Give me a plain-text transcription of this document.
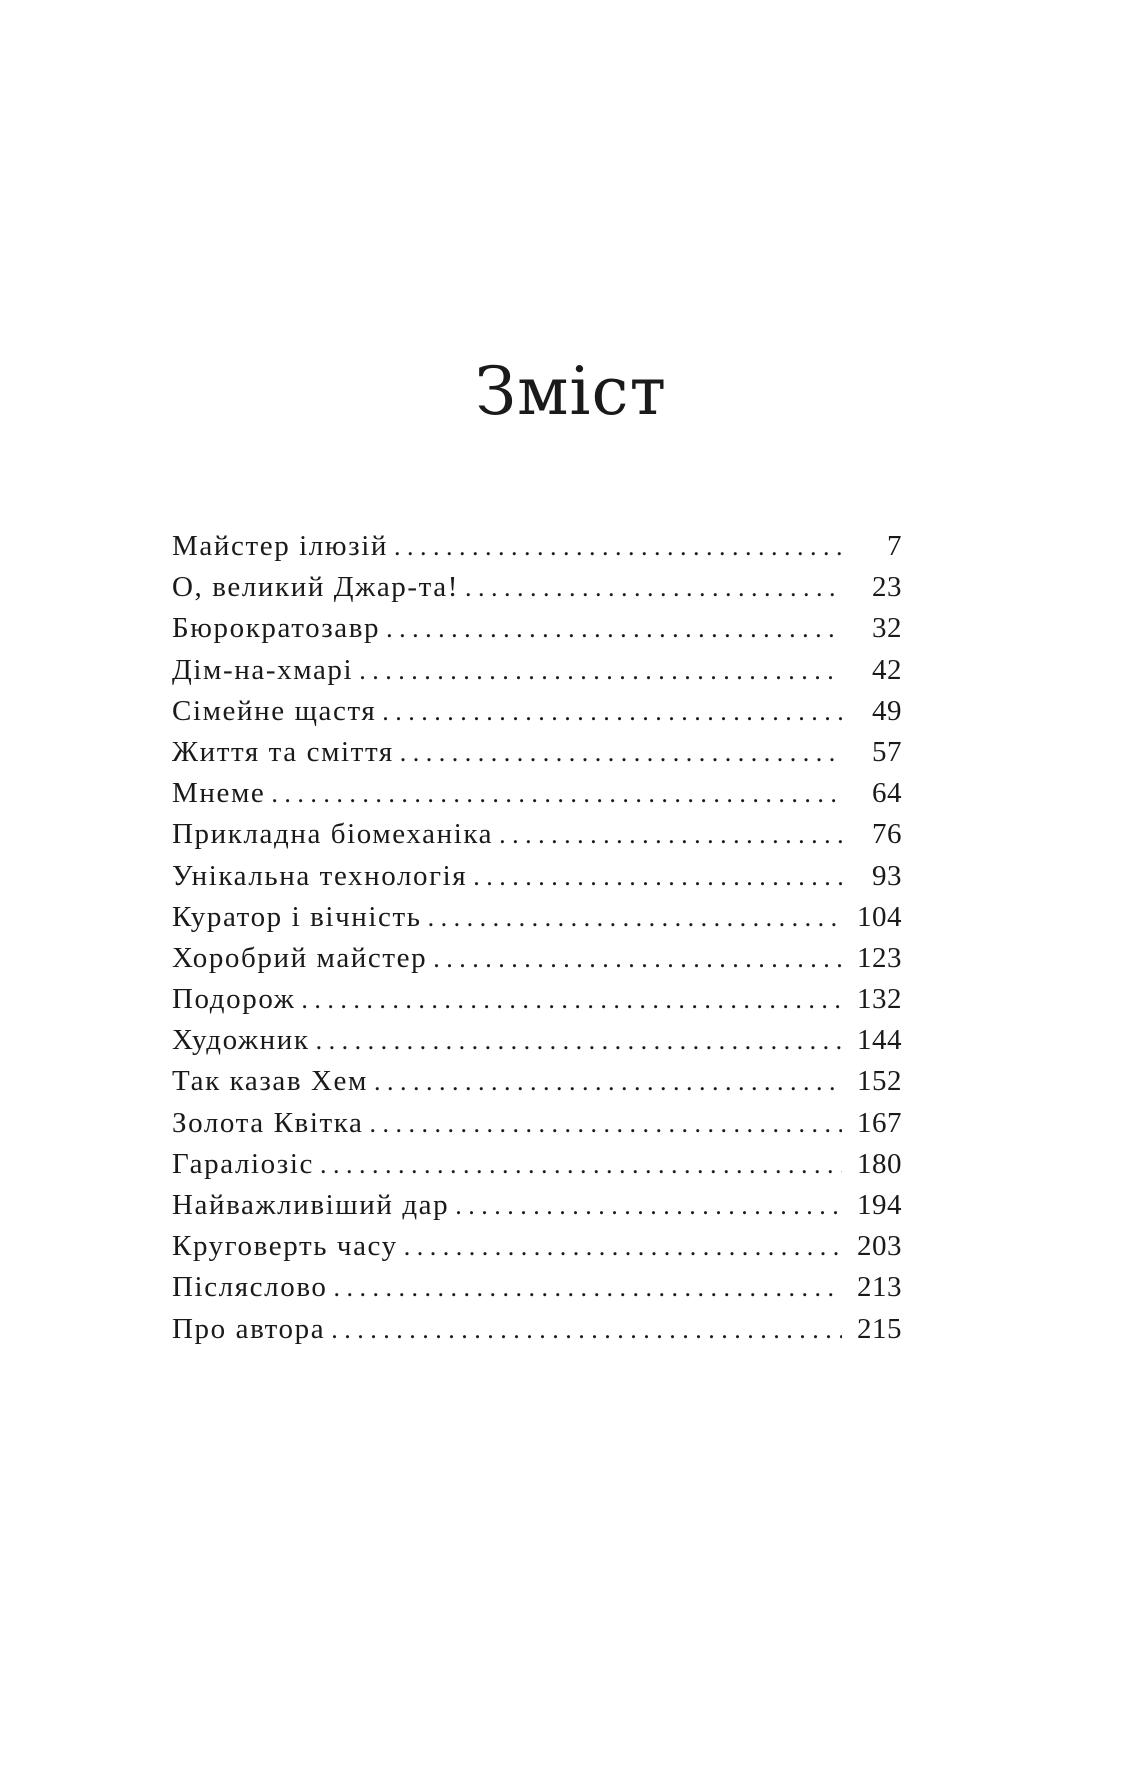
Зміст
Майстер ілюзій . . .	7
О, великий Джар-та! . . .	23
Бюрократозавр . . .	32
Дім-на-хмарі . . .	42
Сімейне щастя . . .	49
Життя та сміття . . .	57
Мнеме . . .	64
Прикладна біомеханіка . . .	76
Унікальна технологія . . .	93
Куратор і вічність . . .	104
Хоробрий майстер . . .	123
Подорож . . .	132
Художник . . .	144
Так казав Хем . . .	152
Золота Квітка . . .	167
Гараліозіс . . .	180
Найважливіший дар . . .	194
Круговерть часу . . .	203
Післяслово . . .	213
Про автора . . .	215
